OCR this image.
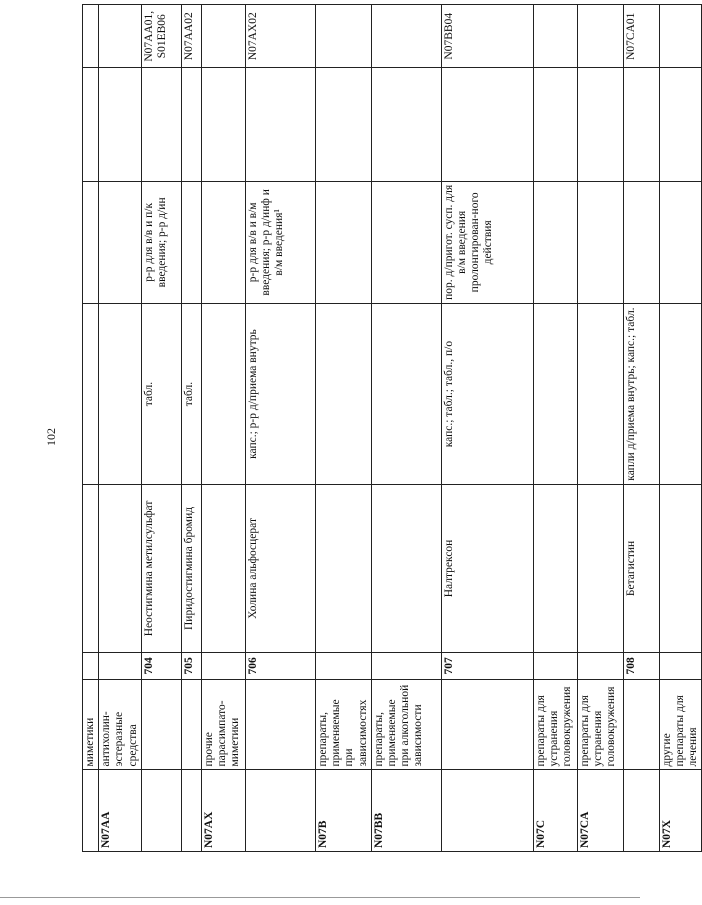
102
	миметики						
N07AA	антихолин-эстеразные средства						
		704	Неостигмина метилсульфат	табл.	р-р для в/в и п/к введения; р-р д/ин		N07AA01, S01EB06
		705	Пиридостигмина бромид	табл.			N07AA02
N07AX	прочие парасимпато-миметики						
		706	Холина альфосцерат	капс.; р-р д/приема внутрь	р-р для в/в и в/м введения; р-р д/инф и в/м введения¹		N07AX02
N07B	препараты, применяемые при зависимостях						
N07BB	препараты, применяемые при алкогольной зависимости						
		707	Налтрексон	капс.; табл.; табл., п/о	пор. д/пригот. сусп. для в/м введения пролонгирован-ного действия		N07BB04
N07C	препараты для устранения головокружения						
N07CA	препараты для устранения головокружения						
		708	Бетагистин	капли д/приема внутрь; капс.; табл.			N07CA01
N07X	другие препараты для лечения						
